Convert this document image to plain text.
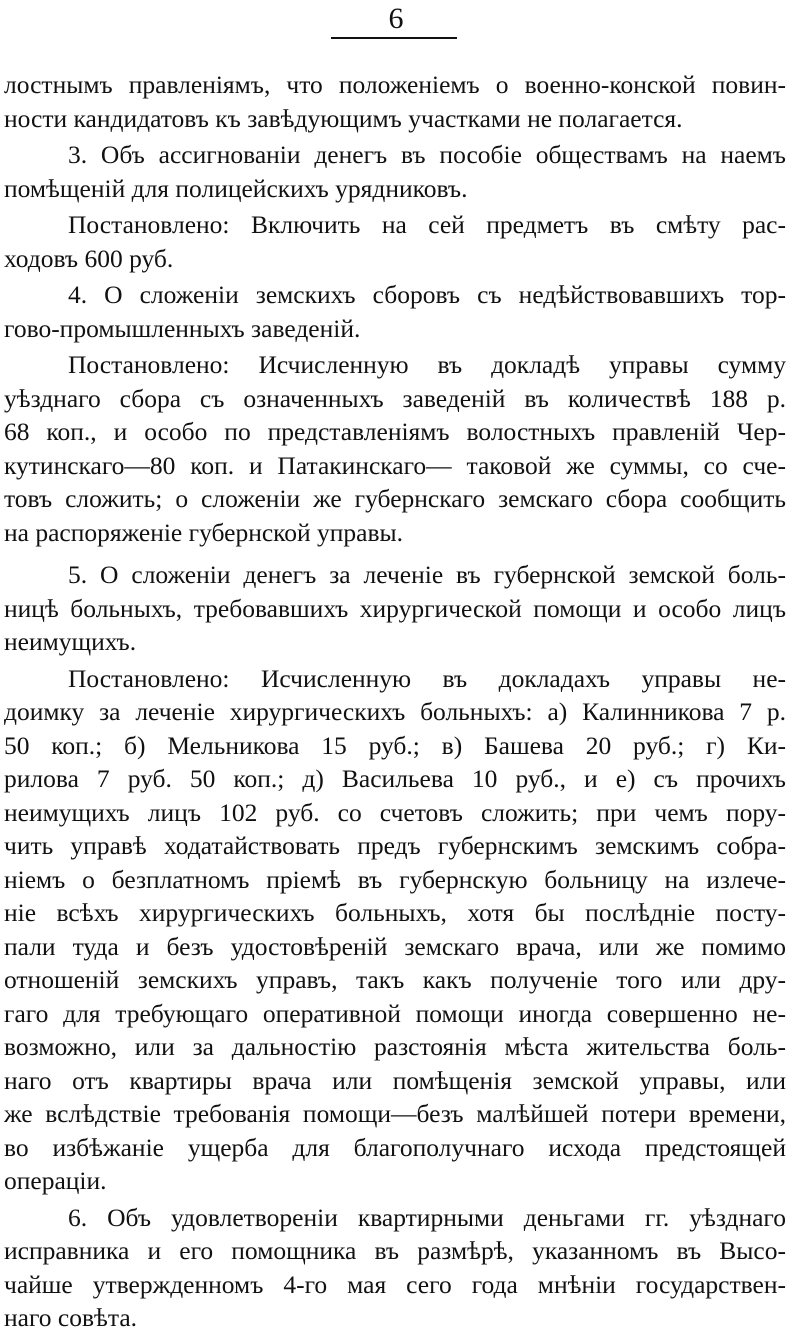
6
лостнымъ правленіямъ, что положеніемъ о военно-конской повин-
ности кандидатовъ къ завѣдующимъ участками не полагается.
3. Объ ассигнованіи денегъ въ пособіе обществамъ на наемъ
помѣщеній для полицейскихъ урядниковъ.
Постановлено: Включить на сей предметъ въ смѣту рас-
ходовъ 600 руб.
4. О сложеніи земскихъ сборовъ съ недѣйствовавшихъ тор-
гово-промышленныхъ заведеній.
Постановлено: Исчисленную въ докладѣ управы сумму
уѣзднаго сбора съ означенныхъ заведеній въ количествѣ 188 р.
68 коп., и особо по представленіямъ волостныхъ правленій Чер-
кутинскаго—80 коп. и Патакинскаго— таковой же суммы, со сче-
товъ сложить; о сложеніи же губернскаго земскаго сбора сообщить
на распоряженіе губернской управы.
5. О сложеніи денегъ за леченіе въ губернской земской боль-
ницѣ больныхъ, требовавшихъ хирургической помощи и особо лицъ
неимущихъ.
Постановлено: Исчисленную въ докладахъ управы не-
доимку за леченіе хирургическихъ больныхъ: а) Калинникова 7 р.
50 коп.; б) Мельникова 15 руб.; в) Башева 20 руб.; г) Ки-
рилова 7 руб. 50 коп.; д) Васильева 10 руб., и е) съ прочихъ
неимущихъ лицъ 102 руб. со счетовъ сложить; при чемъ пору-
чить управѣ ходатайствовать предъ губернскимъ земскимъ собра-
ніемъ о безплатномъ пріемѣ въ губернскую больницу на излече-
ніе всѣхъ хирургическихъ больныхъ, хотя бы послѣдніе посту-
пали туда и безъ удостовѣреній земскаго врача, или же помимо
отношеній земскихъ управъ, такъ какъ полученіе того или дру-
гаго для требующаго оперативной помощи иногда совершенно не-
возможно, или за дальностію разстоянія мѣста жительства боль-
наго отъ квартиры врача или помѣщенія земской управы, или
же вслѣдствіе требованія помощи—безъ малѣйшей потери времени,
во избѣжаніе ущерба для благополучнаго исхода предстоящей
операціи.
6. Объ удовлетвореніи квартирными деньгами гг. уѣзднаго
исправника и его помощника въ размѣрѣ, указанномъ въ Высо-
чайше утвержденномъ 4-го мая сего года мнѣніи государствен-
наго совѣта.
